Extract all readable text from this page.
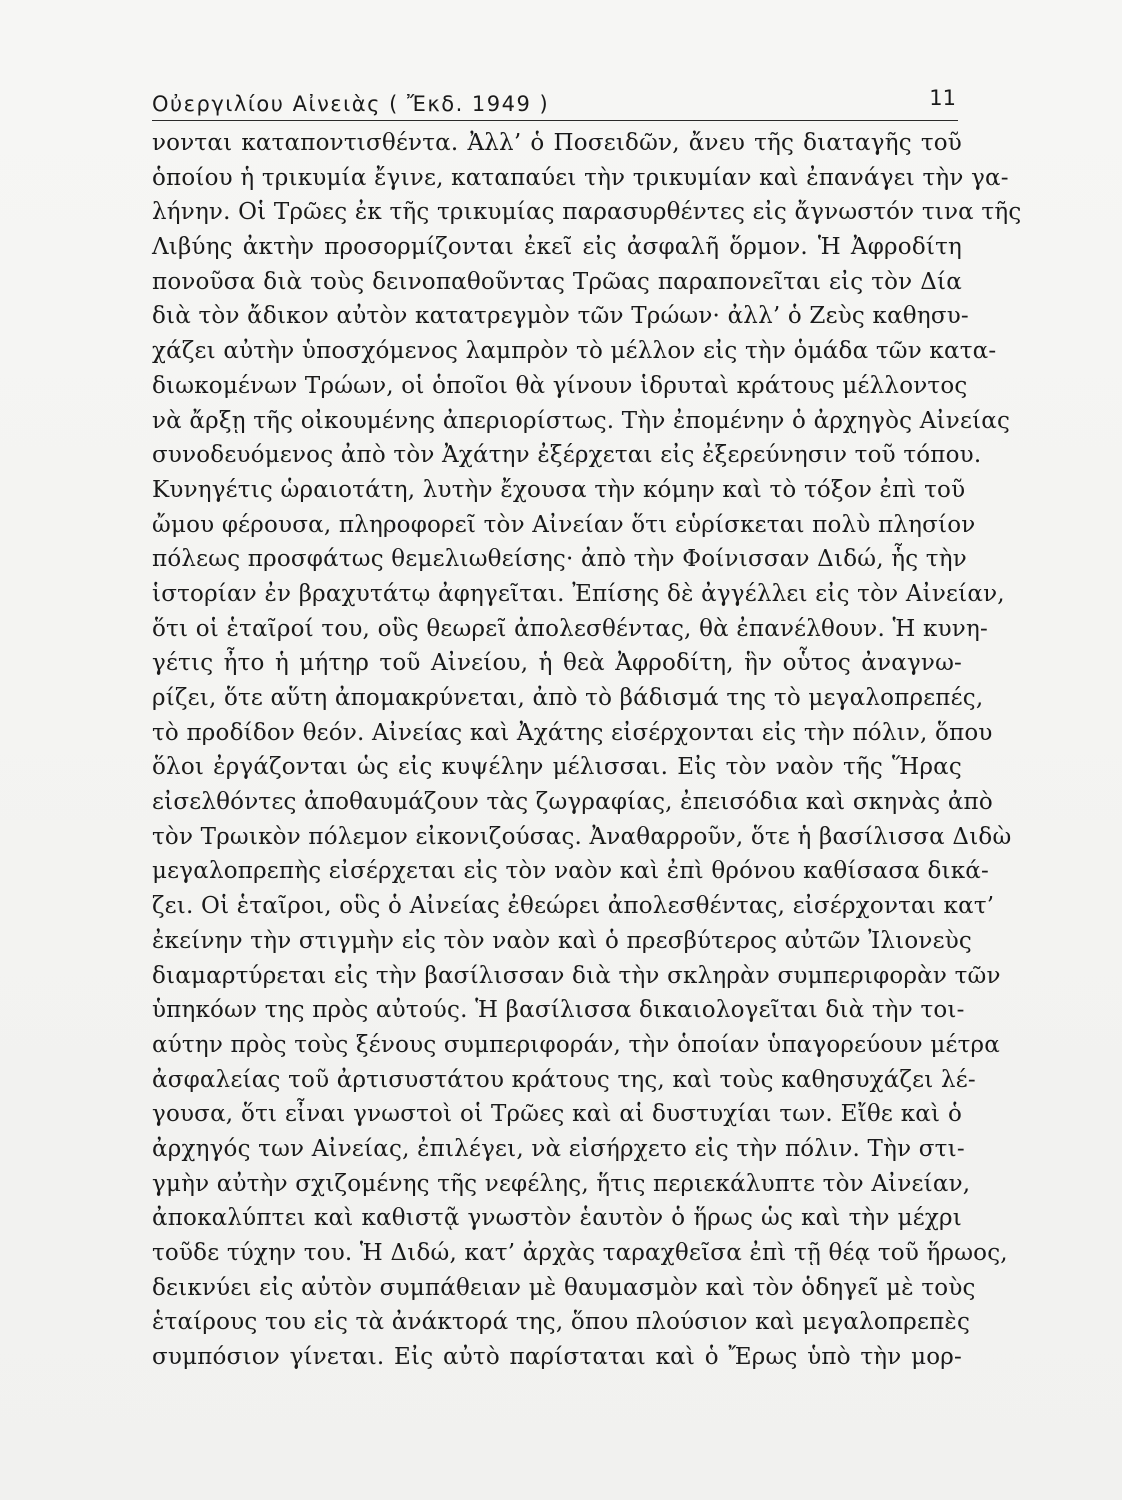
Οὐεργιλίου Αἰνειὰς ( Ἔκδ. 1949 )	11
νονται καταποντισθέντα. Ἀλλ’ ὁ Ποσειδῶν, ἄνευ τῆς διαταγῆς τοῦ
ὁποίου ἡ τρικυμία ἔγινε, καταπαύει τὴν τρικυμίαν καὶ ἐπανάγει τὴν γα-
λήνην. Οἱ Τρῶες ἐκ τῆς τρικυμίας παρασυρθέντες εἰς ἄγνωστόν τινα τῆς
Λιβύης ἀκτὴν προσορμίζονται ἐκεῖ εἰς ἀσφαλῆ ὅρμον. Ἡ Ἀφροδίτη
πονοῦσα διὰ τοὺς δεινοπαθοῦντας Τρῶας παραπονεῖται εἰς τὸν Δία
διὰ τὸν ἄδικον αὐτὸν κατατρεγμὸν τῶν Τρώων· ἀλλ’ ὁ Ζεὺς καθησυ-
χάζει αὐτὴν ὑποσχόμενος λαμπρὸν τὸ μέλλον εἰς τὴν ὁμάδα τῶν κατα-
διωκομένων Τρώων, οἱ ὁποῖοι θὰ γίνουν ἱδρυταὶ κράτους μέλλοντος
νὰ ἄρξῃ τῆς οἰκουμένης ἀπεριορίστως. Τὴν ἐπομένην ὁ ἀρχηγὸς Αἰνείας
συνοδευόμενος ἀπὸ τὸν Ἀχάτην ἐξέρχεται εἰς ἐξερεύνησιν τοῦ τόπου.
Κυνηγέτις ὡραιοτάτη, λυτὴν ἔχουσα τὴν κόμην καὶ τὸ τόξον ἐπὶ τοῦ
ὤμου φέρουσα, πληροφορεῖ τὸν Αἰνείαν ὅτι εὑρίσκεται πολὺ πλησίον
πόλεως προσφάτως θεμελιωθείσης· ἀπὸ τὴν Φοίνισσαν Διδώ, ἧς τὴν
ἱστορίαν ἐν βραχυτάτῳ ἀφηγεῖται. Ἐπίσης δὲ ἀγγέλλει εἰς τὸν Αἰνείαν,
ὅτι οἱ ἑταῖροί του, οὓς θεωρεῖ ἀπολεσθέντας, θὰ ἐπανέλθουν. Ἡ κυνη-
γέτις ἦτο ἡ μήτηρ τοῦ Αἰνείου, ἡ θεὰ Ἀφροδίτη, ἣν οὗτος ἀναγνω-
ρίζει, ὅτε αὕτη ἀπομακρύνεται, ἀπὸ τὸ βάδισμά της τὸ μεγαλοπρεπές,
τὸ προδίδον θεόν. Αἰνείας καὶ Ἀχάτης εἰσέρχονται εἰς τὴν πόλιν, ὅπου
ὅλοι ἐργάζονται ὡς εἰς κυψέλην μέλισσαι. Εἰς τὸν ναὸν τῆς Ἥρας
εἰσελθόντες ἀποθαυμάζουν τὰς ζωγραφίας, ἐπεισόδια καὶ σκηνὰς ἀπὸ
τὸν Τρωικὸν πόλεμον εἰκονιζούσας. Ἀναθαρροῦν, ὅτε ἡ βασίλισσα Διδὼ
μεγαλοπρεπὴς εἰσέρχεται εἰς τὸν ναὸν καὶ ἐπὶ θρόνου καθίσασα δικά-
ζει. Οἱ ἑταῖροι, οὓς ὁ Αἰνείας ἐθεώρει ἀπολεσθέντας, εἰσέρχονται κατ’
ἐκείνην τὴν στιγμὴν εἰς τὸν ναὸν καὶ ὁ πρεσβύτερος αὐτῶν Ἰλιονεὺς
διαμαρτύρεται εἰς τὴν βασίλισσαν διὰ τὴν σκληρὰν συμπεριφορὰν τῶν
ὑπηκόων της πρὸς αὐτούς. Ἡ βασίλισσα δικαιολογεῖται διὰ τὴν τοι-
αύτην πρὸς τοὺς ξένους συμπεριφοράν, τὴν ὁποίαν ὑπαγορεύουν μέτρα
ἀσφαλείας τοῦ ἀρτισυστάτου κράτους της, καὶ τοὺς καθησυχάζει λέ-
γουσα, ὅτι εἶναι γνωστοὶ οἱ Τρῶες καὶ αἱ δυστυχίαι των. Εἴθε καὶ ὁ
ἀρχηγός των Αἰνείας, ἐπιλέγει, νὰ εἰσήρχετο εἰς τὴν πόλιν. Τὴν στι-
γμὴν αὐτὴν σχιζομένης τῆς νεφέλης, ἥτις περιεκάλυπτε τὸν Αἰνείαν,
ἀποκαλύπτει καὶ καθιστᾷ γνωστὸν ἑαυτὸν ὁ ἥρως ὡς καὶ τὴν μέχρι
τοῦδε τύχην του. Ἡ Διδώ, κατ’ ἀρχὰς ταραχθεῖσα ἐπὶ τῇ θέᾳ τοῦ ἥρωος,
δεικνύει εἰς αὐτὸν συμπάθειαν μὲ θαυμασμὸν καὶ τὸν ὁδηγεῖ μὲ τοὺς
ἑταίρους του εἰς τὰ ἀνάκτορά της, ὅπου πλούσιον καὶ μεγαλοπρεπὲς
συμπόσιον γίνεται. Εἰς αὐτὸ παρίσταται καὶ ὁ Ἔρως ὑπὸ τὴν μορ-
